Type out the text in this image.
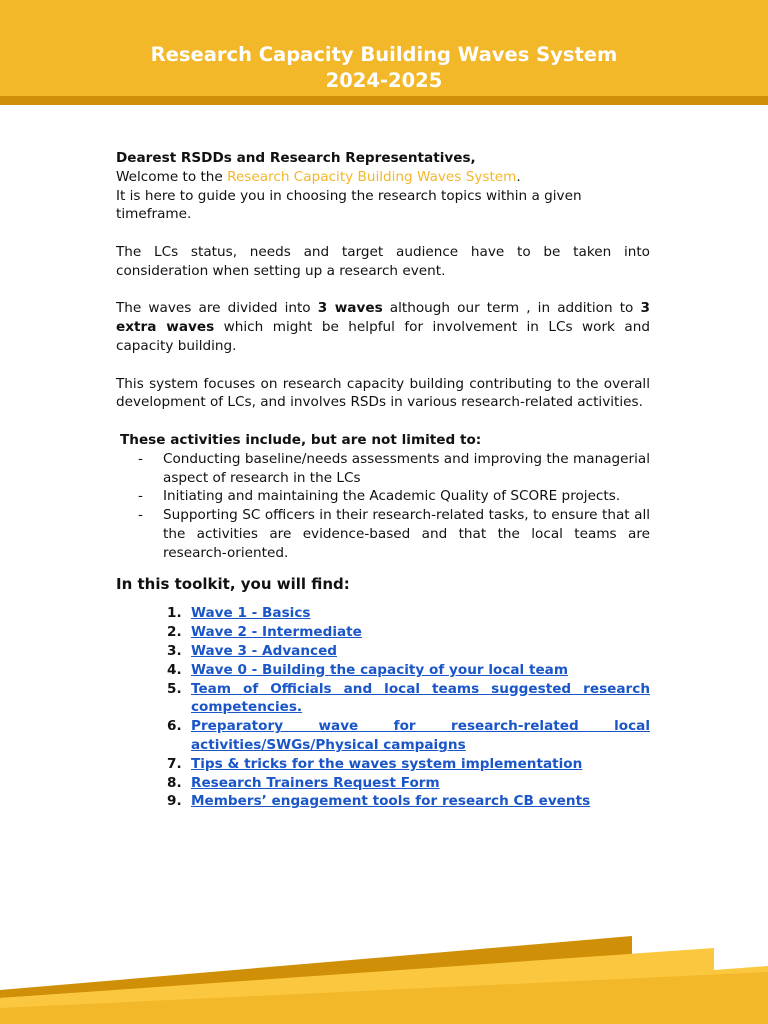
Research Capacity Building Waves System
2024-2025

Dearest RSDDs and Research Representatives,

Welcome to the Research Capacity Building Waves System.

It is here to guide you in choosing the research topics within a given timeframe.

The LCs status, needs and target audience have to be taken into consideration when setting up a research event.

The waves are divided into 3 waves although our term , in addition to 3 extra waves which might be helpful for involvement in LCs work and capacity building.

This system focuses on research capacity building contributing to the overall development of LCs, and involves RSDs in various research-related activities.

These activities include, but are not limited to:

- Conducting baseline/needs assessments and improving the managerial aspect of research in the LCs
- Initiating and maintaining the Academic Quality of SCORE projects.
- Supporting SC officers in their research-related tasks, to ensure that all the activities are evidence-based and that the local teams are research-oriented.

In this toolkit, you will find:

1. Wave 1 - Basics
2. Wave 2 - Intermediate
3. Wave 3 - Advanced
4. Wave 0 - Building the capacity of your local team
5. Team of Officials and local teams suggested research competencies.
6. Preparatory wave for research-related local activities/SWGs/Physical campaigns
7. Tips & tricks for the waves system implementation
8. Research Trainers Request Form
9. Members’ engagement tools for research CB events
